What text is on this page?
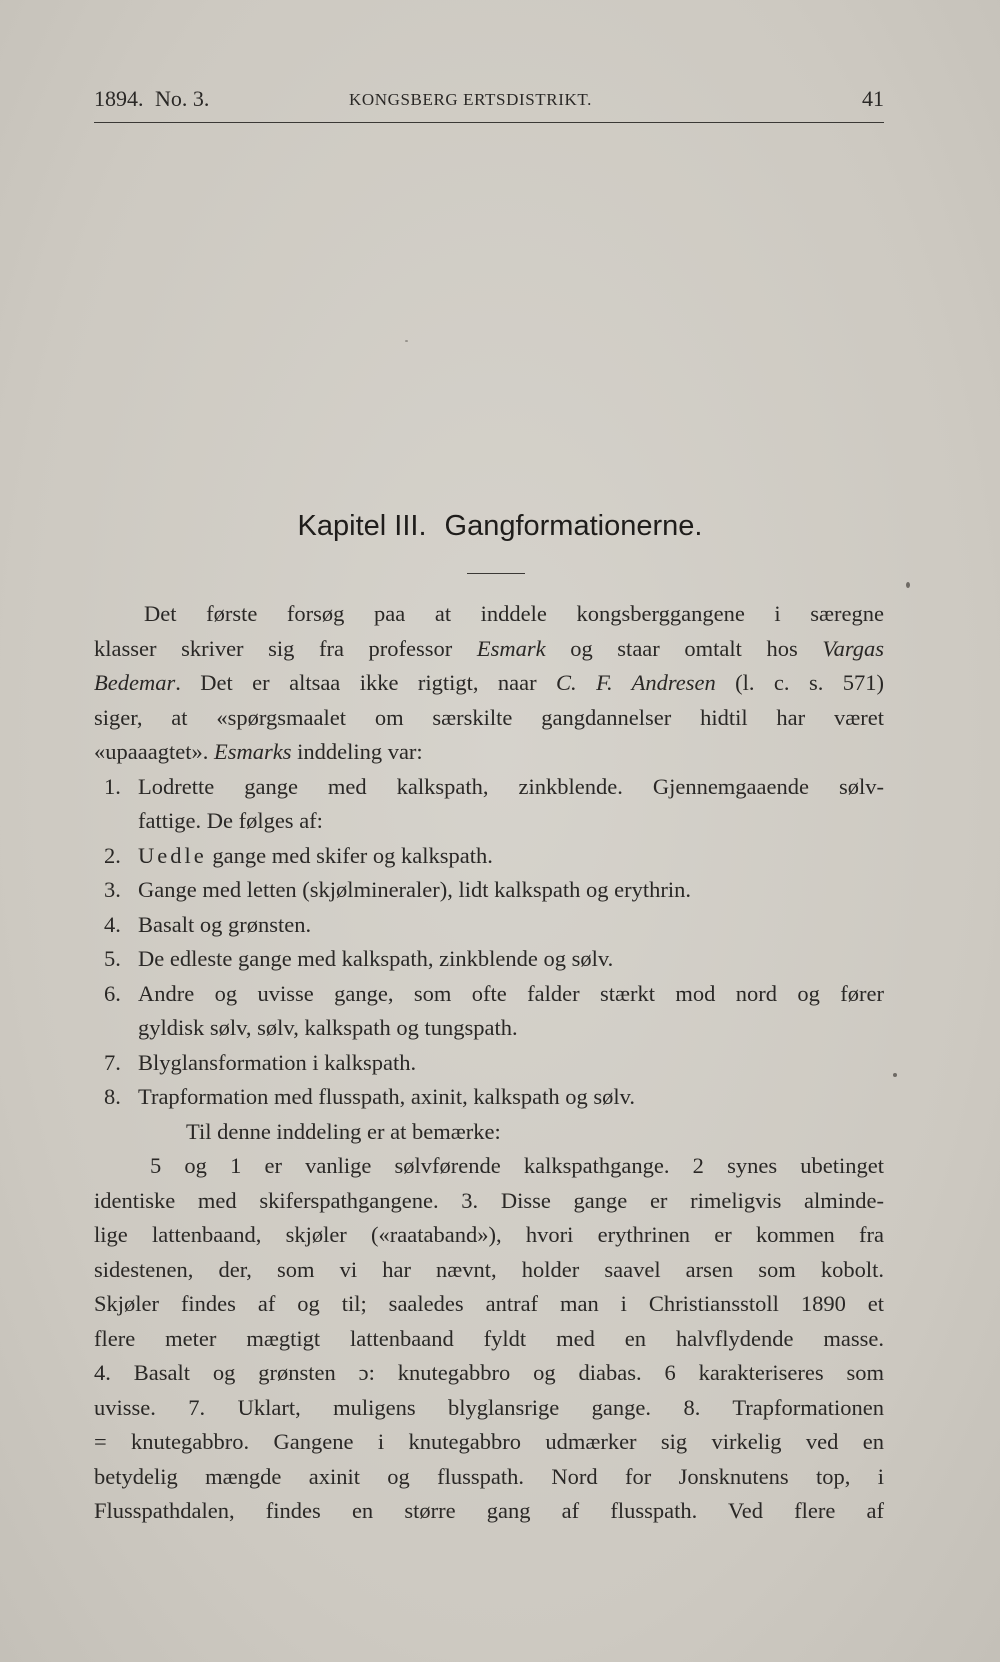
1894. No. 3.	KONGSBERG ERTSDISTRIKT.	41
Kapitel III. Gangformationerne.
Det første forsøg paa at inddele kongsberggangene i særegne
klasser skriver sig fra professor Esmark og staar omtalt hos Vargas
Bedemar. Det er altsaa ikke rigtigt, naar C. F. Andresen (l. c. s. 571)
siger, at «spørgsmaalet om særskilte gangdannelser hidtil har været
«upaaagtet». Esmarks inddeling var:
1. Lodrette gange med kalkspath, zinkblende. Gjennemgaaende sølv-
fattige. De følges af:
2. Uedle gange med skifer og kalkspath.
3. Gange med letten (skjølmineraler), lidt kalkspath og erythrin.
4. Basalt og grønsten.
5. De edleste gange med kalkspath, zinkblende og sølv.
6. Andre og uvisse gange, som ofte falder stærkt mod nord og fører
gyldisk sølv, sølv, kalkspath og tungspath.
7. Blyglansformation i kalkspath.
8. Trapformation med flusspath, axinit, kalkspath og sølv.
Til denne inddeling er at bemærke:
5 og 1 er vanlige sølvførende kalkspathgange. 2 synes ubetinget
identiske med skiferspathgangene. 3. Disse gange er rimeligvis alminde-
lige lattenbaand, skjøler («raataband»), hvori erythrinen er kommen fra
sidestenen, der, som vi har nævnt, holder saavel arsen som kobolt.
Skjøler findes af og til; saaledes antraf man i Christiansstoll 1890 et
flere meter mægtigt lattenbaand fyldt med en halvflydende masse.
4. Basalt og grønsten ɔ: knutegabbro og diabas. 6 karakteriseres som
uvisse. 7. Uklart, muligens blyglansrige gange. 8. Trapformationen
= knutegabbro. Gangene i knutegabbro udmærker sig virkelig ved en
betydelig mængde axinit og flusspath. Nord for Jonsknutens top, i
Flusspathdalen, findes en større gang af flusspath. Ved flere af
